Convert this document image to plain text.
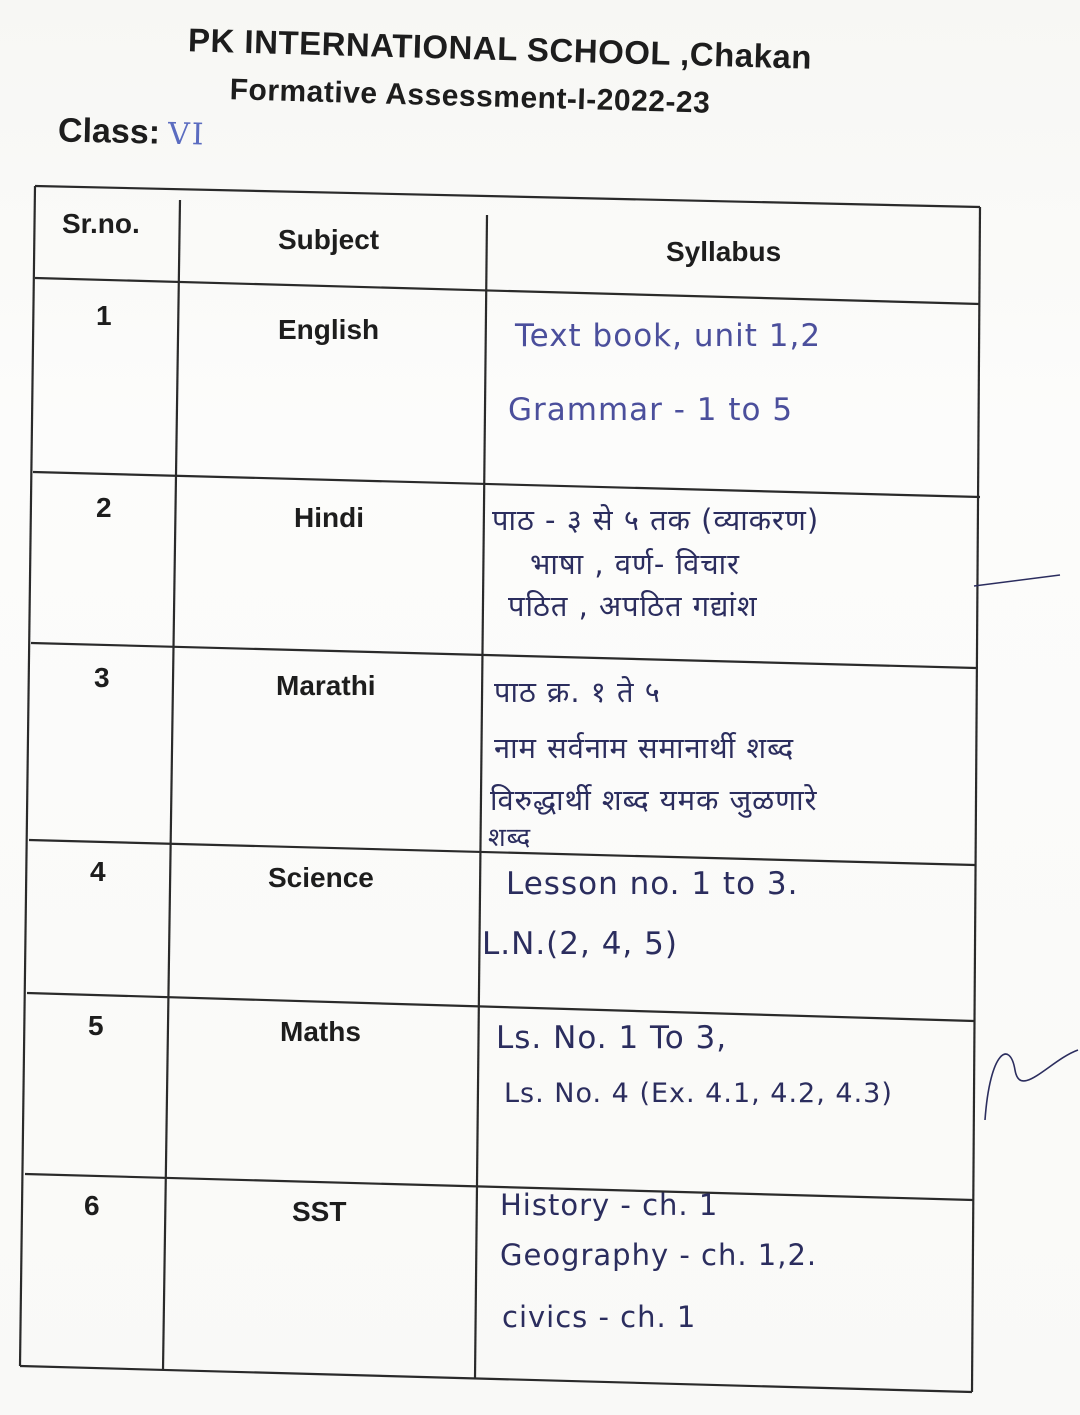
PK INTERNATIONAL SCHOOL ,Chakan
Formative Assessment-I-2022-23
Class: VI
Sr.no.
Subject	Syllabus
1	English	Text book, unit 1,2
Grammar - 1 to 5
2	Hindi	पाठ - ३ से ५ तक (व्याकरण)
भाषा , वर्ण- विचार
पठित , अपठित गद्यांश
3	Marathi	पाठ क्र. १ ते ५
नाम सर्वनाम समानार्थी शब्द
विरुद्धार्थी शब्द यमक जुळणारे
शब्द
4	Science	Lesson no. 1 to 3.
L.N.(2, 4, 5)
5	Maths	Ls. No. 1 To 3,
Ls. No. 4 (Ex. 4.1, 4.2, 4.3)
6	SST	History - ch. 1
Geography - ch. 1,2.
civics - ch. 1
